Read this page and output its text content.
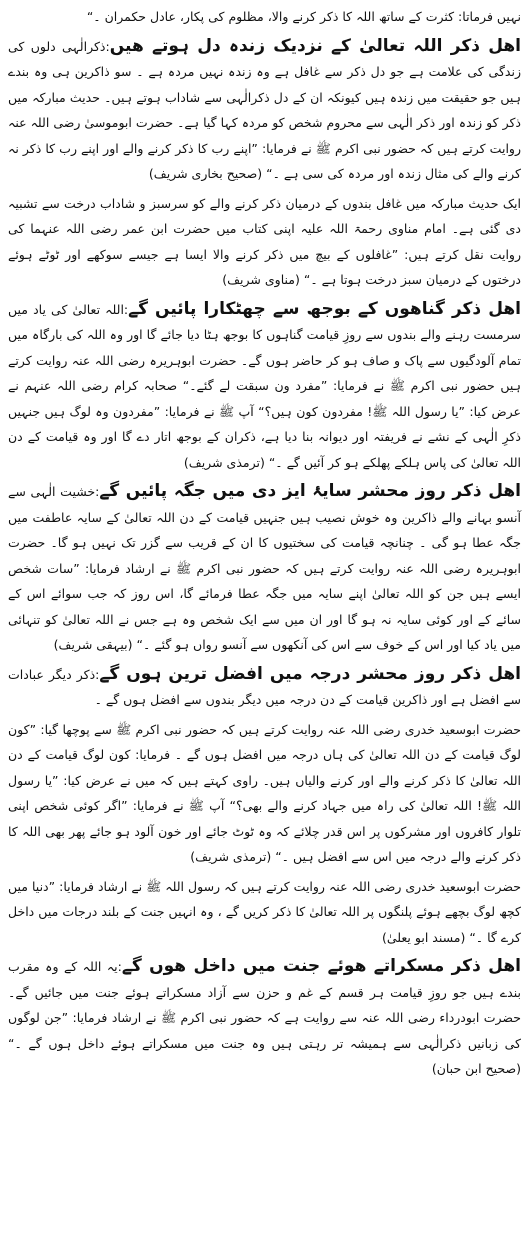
نہیں فرماتا: کثرت کے ساتھ اللہ کا ذکر کرنے والا، مظلوم کی پکار، عادل حکمران ۔“

اھل ذکر اللہ تعالیٰ کے نزدیک زندہ دل ہوتے ھیں:ذکرالٰہی دلوں کی زندگی کی علامت ہے جو دل ذکر سے غافل ہے وہ زندہ نہیں مردہ ہے ۔ سو ذاکرین ہی وہ بندے ہیں جو حقیقت میں زندہ ہیں کیونکہ ان کے دل ذکرالٰہی سے شاداب ہوتے ہیں۔ حدیث مبارکہ میں ذکر کو زندہ اور ذکر الٰہی سے محروم شخص کو مردہ کہا گیا ہے۔ حضرت ابوموسیٰ رضی اللہ عنہ روایت کرتے ہیں کہ حضور نبی اکرم ﷺ نے فرمایا: ”اپنے رب کا ذکر کرنے والے اور اپنے رب کا ذکر نہ کرنے والے کی مثال زندہ اور مردہ کی سی ہے ۔“ (صحیح بخاری شریف)

ایک حدیث مبارکہ میں غافل بندوں کے درمیان ذکر کرنے والے کو سرسبز و شاداب درخت سے تشبیہ دی گئی ہے۔ امام مناوی رحمۃ اللہ علیہ اپنی کتاب میں حضرت ابن عمر رضی اللہ عنہما کی روایت نقل کرتے ہیں: ”غافلوں کے بیچ میں ذکر کرنے والا ایسا ہے جیسے سوکھے اور ٹوٹے ہوئے درختوں کے درمیان سبز درخت ہوتا ہے ۔“ (مناوی شریف)

اھل ذکر گناھوں کے بوجھ سے چھٹکارا پائیں گے:اللہ تعالیٰ کی یاد میں سرمست رہنے والے بندوں سے روزِ قیامت گناہوں کا بوجھ ہٹا دیا جائے گا اور وہ اللہ کی بارگاہ میں تمام آلودگیوں سے پاک و صاف ہو کر حاضر ہوں گے۔ حضرت ابوہریرہ رضی اللہ عنہ روایت کرتے ہیں حضور نبی اکرم ﷺ نے فرمایا: ”مفرد ون سبقت لے گئے۔“ صحابہ کرام رضی اللہ عنہم نے عرض کیا: ”یا رسول اللہ ﷺ! مفردون کون ہیں؟“ آپ ﷺ نے فرمایا: ”مفردون وہ لوگ ہیں جنہیں ذکرِ الٰہی کے نشے نے فریفتہ اور دیوانہ بنا دیا ہے، ذکران کے بوجھ اتار دے گا اور وہ قیامت کے دن اللہ تعالیٰ کی پاس ہلکے پھلکے ہو کر آئیں گے ۔“ (ترمذی شریف)

اھل ذکر روز محشر سایۂ ایز دی میں جگہ پائیں گے:خشیت الٰہی سے آنسو بہانے والے ذاکرین وہ خوش نصیب ہیں جنہیں قیامت کے دن اللہ تعالیٰ کے سایہ عاطفت میں جگہ عطا ہو گی ۔ چنانچہ قیامت کی سختیوں کا ان کے قریب سے گزر تک نہیں ہو گا۔ حضرت ابوہریرہ رضی اللہ عنہ روایت کرتے ہیں کہ حضور نبی اکرم ﷺ نے ارشاد فرمایا: ”سات شخص ایسے ہیں جن کو اللہ تعالیٰ اپنے سایہ میں جگہ عطا فرمائے گا، اس روز کہ جب سوائے اس کے سائے کے اور کوئی سایہ نہ ہو گا اور ان میں سے ایک شخص وہ ہے جس نے اللہ تعالیٰ کو تنہائی میں یاد کیا اور اس کے خوف سے اس کی آنکھوں سے آنسو رواں ہو گئے ۔“ (بیہقی شریف)

اھل ذکر روز محشر درجہ میں افضل ترین ہوں گے:ذکر دیگر عبادات سے افضل ہے اور ذاکرین قیامت کے دن درجہ میں دیگر بندوں سے افضل ہوں گے ۔

حضرت ابوسعید خدری رضی اللہ عنہ روایت کرتے ہیں کہ حضور نبی اکرم ﷺ سے پوچھا گیا: ”کون لوگ قیامت کے دن اللہ تعالیٰ کی ہاں درجہ میں افضل ہوں گے ۔ فرمایا: کون لوگ قیامت کے دن اللہ تعالیٰ کا ذکر کرنے والے اور کرنے والیاں ہیں۔ راوی کہتے ہیں کہ میں نے عرض کیا: ”یا رسول اللہ ﷺ! اللہ تعالیٰ کی راہ میں جہاد کرنے والے بھی؟“ آپ ﷺ نے فرمایا: ”اگر کوئی شخص اپنی تلوار کافروں اور مشرکوں پر اس قدر چلائے کہ وہ ٹوٹ جائے اور خون آلود ہو جائے پھر بھی اللہ کا ذکر کرنے والے درجہ میں اس سے افضل ہیں ۔“ (ترمذی شریف)

حضرت ابوسعید خدری رضی اللہ عنہ روایت کرتے ہیں کہ رسول اللہ ﷺ نے ارشاد فرمایا: ”دنیا میں کچھ لوگ بچھے ہوئے پلنگوں پر اللہ تعالیٰ کا ذکر کریں گے ، وہ انہیں جنت کے بلند درجات میں داخل کرے گا ۔“ (مسند ابو یعلیٰ)

اھل ذکر مسکراتے ھوئے جنت میں داخل ھوں گے:یہ اللہ کے وہ مقرب بندے ہیں جو روزِ قیامت ہر قسم کے غم و حزن سے آزاد مسکراتے ہوئے جنت میں جائیں گے۔ حضرت ابودرداء رضی اللہ عنہ سے روایت ہے کہ حضور نبی اکرم ﷺ نے ارشاد فرمایا: ”جن لوگوں کی زبانیں ذکرالٰہی سے ہمیشہ تر رہتی ہیں وہ جنت میں مسکراتے ہوئے داخل ہوں گے ۔“ (صحیح ابن حبان)
